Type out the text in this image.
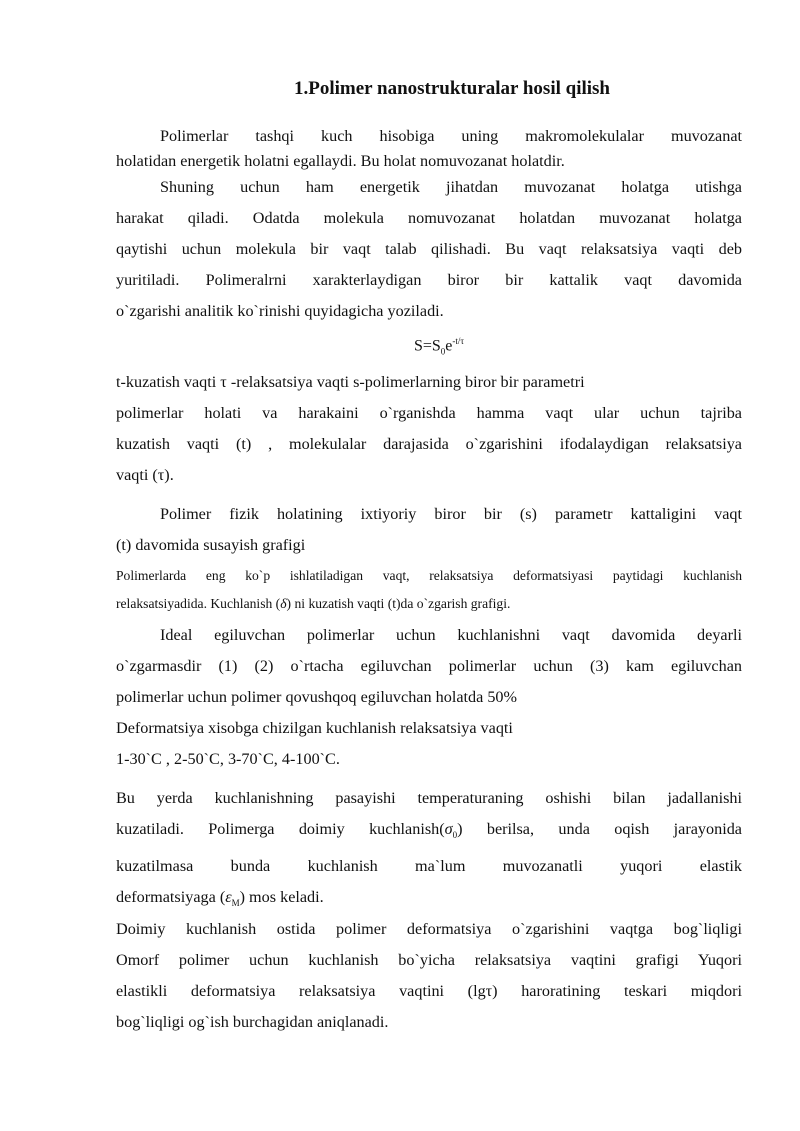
1.Polimer nanostrukturalar hosil qilish
Polimerlar tashqi kuch hisobiga uning makromolekulalar muvozanat
holatidan energetik holatni egallaydi. Bu holat nomuvozanat holatdir.
Shuning uchun ham energetik jihatdan muvozanat holatga utishga
harakat qiladi. Odatda molekula nomuvozanat holatdan muvozanat holatga
qaytishi uchun molekula bir vaqt talab qilishadi. Bu vaqt relaksatsiya vaqti deb
yuritiladi. Polimeralrni xarakterlaydigan biror bir kattalik vaqt davomida
o`zgarishi analitik ko`rinishi quyidagicha yoziladi.
$S=S_0e^{-t/\tau}$
t-kuzatish vaqti τ -relaksatsiya vaqti s-polimerlarning biror bir parametri
polimerlar holati va harakaini o`rganishda hamma vaqt ular uchun tajriba
kuzatish vaqti (t) , molekulalar darajasida o`zgarishini ifodalaydigan relaksatsiya
vaqti (τ).
Polimer fizik holatining ixtiyoriy biror bir (s) parametr kattaligini vaqt
(t) davomida susayish grafigi
Polimerlarda eng ko`p ishlatiladigan vaqt, relaksatsiya deformatsiyasi paytidagi kuchlanish
relaksatsiyadida. Kuchlanish (δ) ni kuzatish vaqti (t)da o`zgarish grafigi.
Ideal egiluvchan polimerlar uchun kuchlanishni vaqt davomida deyarli
o`zgarmasdir (1) (2) o`rtacha egiluvchan polimerlar uchun (3) kam egiluvchan
polimerlar uchun polimer qovushqoq egiluvchan holatda 50%
Deformatsiya xisobga chizilgan kuchlanish relaksatsiya vaqti
1-30`C , 2-50`C, 3-70`C, 4-100`C.
Bu yerda kuchlanishning pasayishi temperaturaning oshishi bilan jadallanishi
kuzatiladi. Polimerga doimiy $kuchlanish(\sigma_0)$ berilsa, unda oqish jarayonida
kuzatilmasa bunda kuchlanish ma`lum muvozanatli yuqori elastik
deformatsiyaga $(\varepsilon_M)$ mos keladi.
Doimiy kuchlanish ostida polimer deformatsiya o`zgarishini vaqtga bog`liqligi
Omorf polimer uchun kuchlanish bo`yicha relaksatsiya vaqtini grafigi Yuqori
elastikli deformatsiya relaksatsiya vaqtini (lgτ) haroratining teskari miqdori
bog`liqligi og`ish burchagidan aniqlanadi.
